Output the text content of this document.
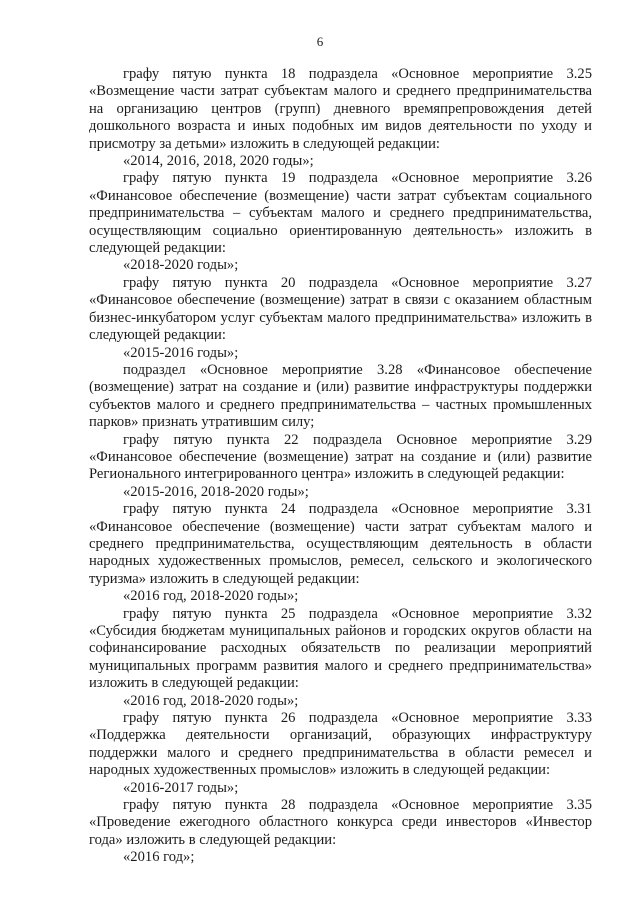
6

графу пятую пункта 18 подраздела «Основное мероприятие 3.25 «Возмещение части затрат субъектам малого и среднего предпринимательства на организацию центров (групп) дневного времяпрепровождения детей дошкольного возраста и иных подобных им видов деятельности по уходу и присмотру за детьми» изложить в следующей редакции:

«2014, 2016, 2018, 2020 годы»;

графу пятую пункта 19 подраздела «Основное мероприятие 3.26 «Финансовое обеспечение (возмещение) части затрат субъектам социального предпринимательства – субъектам малого и среднего предпринимательства, осуществляющим социально ориентированную деятельность» изложить в следующей редакции:

«2018-2020 годы»;

графу пятую пункта 20 подраздела «Основное мероприятие 3.27 «Финансовое обеспечение (возмещение) затрат в связи с оказанием областным бизнес-инкубатором услуг субъектам малого предпринимательства» изложить в следующей редакции:

«2015-2016 годы»;

подраздел «Основное мероприятие 3.28 «Финансовое обеспечение (возмещение) затрат на создание и (или) развитие инфраструктуры поддержки субъектов малого и среднего предпринимательства – частных промышленных парков» признать утратившим силу;

графу пятую пункта 22 подраздела Основное мероприятие 3.29 «Финансовое обеспечение (возмещение) затрат на создание и (или) развитие Регионального интегрированного центра» изложить в следующей редакции:

«2015-2016, 2018-2020 годы»;

графу пятую пункта 24 подраздела «Основное мероприятие 3.31 «Финансовое обеспечение (возмещение) части затрат субъектам малого и среднего предпринимательства, осуществляющим деятельность в области народных художественных промыслов, ремесел, сельского и экологического туризма» изложить в следующей редакции:

«2016 год, 2018-2020 годы»;

графу пятую пункта 25 подраздела «Основное мероприятие 3.32 «Субсидия бюджетам муниципальных районов и городских округов области на софинансирование расходных обязательств по реализации мероприятий муниципальных программ развития малого и среднего предпринимательства» изложить в следующей редакции:

«2016 год, 2018-2020 годы»;

графу пятую пункта 26 подраздела «Основное мероприятие 3.33 «Поддержка деятельности организаций, образующих инфраструктуру поддержки малого и среднего предпринимательства в области ремесел и народных художественных промыслов» изложить в следующей редакции:

«2016-2017 годы»;

графу пятую пункта 28 подраздела «Основное мероприятие 3.35 «Проведение ежегодного областного конкурса среди инвесторов «Инвестор года» изложить в следующей редакции:

«2016 год»;
